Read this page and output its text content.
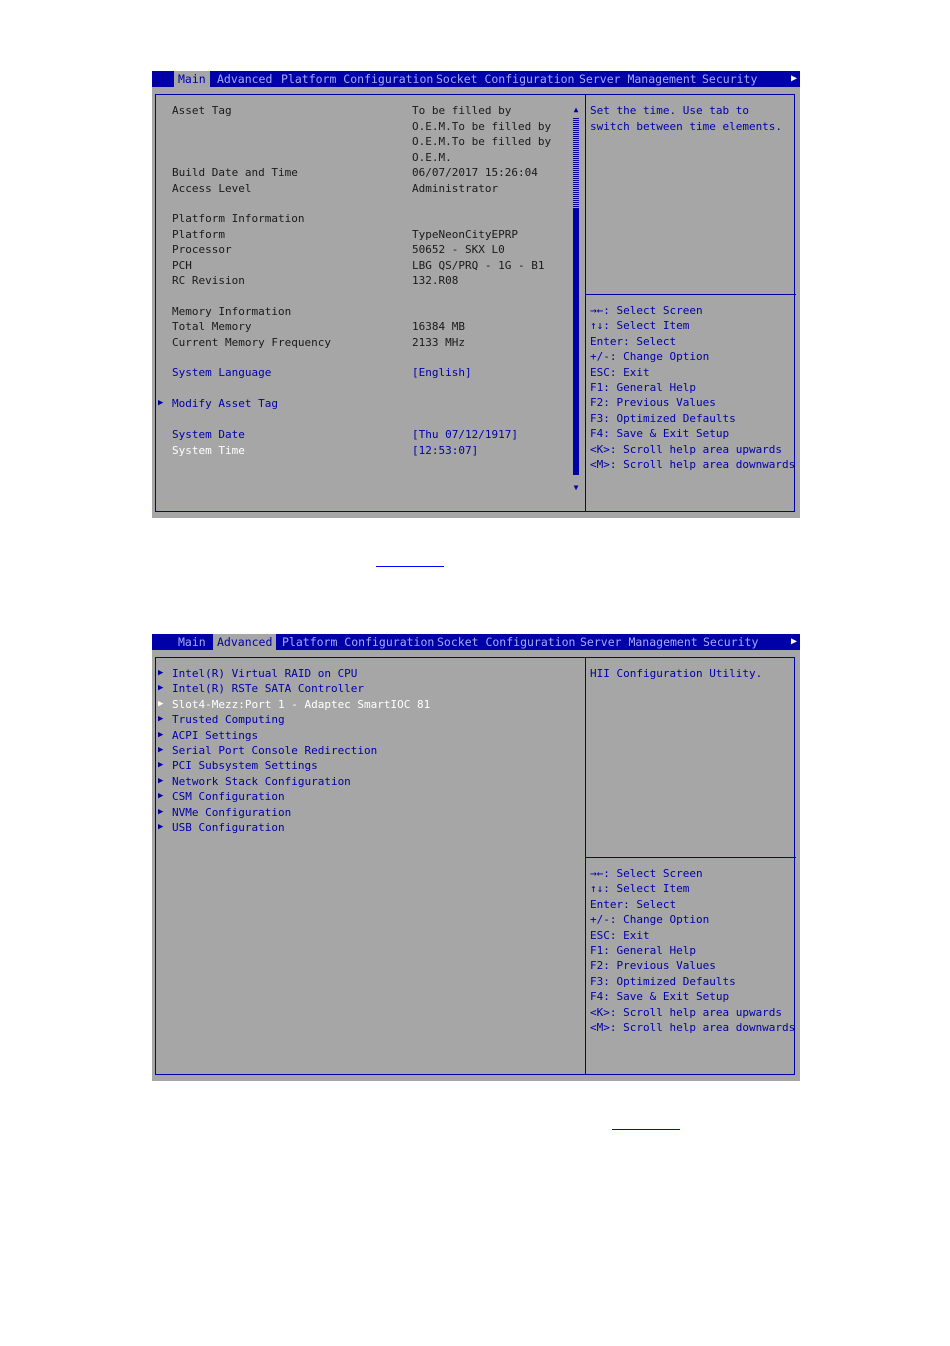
Main Advanced Platform Configuration Socket Configuration Server Management Security	▶
Asset Tag	To be filled by
O.E.M.To be filled by
O.E.M.To be filled by
O.E.M.
Build Date and Time	06/07/2017 15:26:04
Access Level	Administrator
Platform Information
Platform	TypeNeonCityEPRP
Processor	50652 - SKX L0
PCH	LBG QS/PRQ - 1G - B1
RC Revision	132.R08
Memory Information
Total Memory	16384 MB
Current Memory Frequency	2133 MHz
System Language	[English]
▶ Modify Asset Tag
System Date	[Thu 07/12/1917]
System Time	[12:53:07]
▲
▼
Set the time. Use tab to
switch between time elements.
→←: Select Screen
↑↓: Select Item
Enter: Select
+/-: Change Option
ESC: Exit
F1: General Help
F2: Previous Values
F3: Optimized Defaults
F4: Save & Exit Setup
<K>: Scroll help area upwards
<M>: Scroll help area downwards
Main Advanced Platform Configuration Socket Configuration Server Management Security	▶
▶ Intel(R) Virtual RAID on CPU
▶ Intel(R) RSTe SATA Controller
▶ Slot4-Mezz:Port 1 - Adaptec SmartIOC 81
▶ Trusted Computing
▶ ACPI Settings
▶ Serial Port Console Redirection
▶ PCI Subsystem Settings
▶ Network Stack Configuration
▶ CSM Configuration
▶ NVMe Configuration
▶ USB Configuration
HII Configuration Utility.
→←: Select Screen
↑↓: Select Item
Enter: Select
+/-: Change Option
ESC: Exit
F1: General Help
F2: Previous Values
F3: Optimized Defaults
F4: Save & Exit Setup
<K>: Scroll help area upwards
<M>: Scroll help area downwards
